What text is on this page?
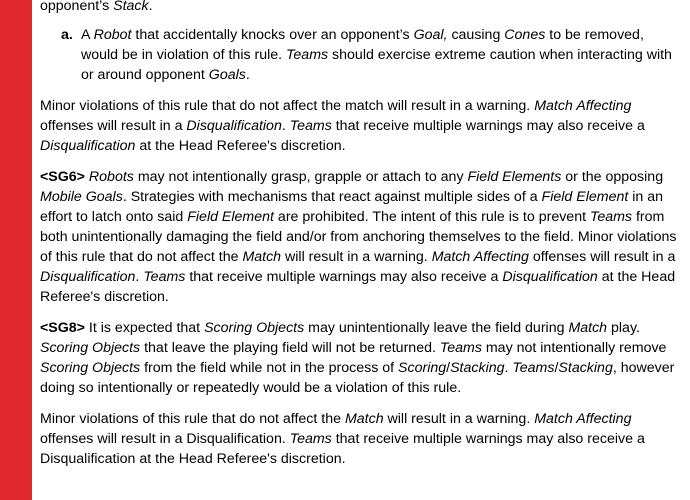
opponent’s Stack.

a. A Robot that accidentally knocks over an opponent’s Goal, causing Cones to be removed, would be in violation of this rule. Teams should exercise extreme caution when interacting with or around opponent Goals.

Minor violations of this rule that do not affect the match will result in a warning. Match Affecting offenses will result in a Disqualification. Teams that receive multiple warnings may also receive a Disqualification at the Head Referee's discretion.

<SG6> Robots may not intentionally grasp, grapple or attach to any Field Elements or the opposing Mobile Goals. Strategies with mechanisms that react against multiple sides of a Field Element in an effort to latch onto said Field Element are prohibited. The intent of this rule is to prevent Teams from both unintentionally damaging the field and/or from anchoring themselves to the field. Minor violations of this rule that do not affect the Match will result in a warning. Match Affecting offenses will result in a Disqualification. Teams that receive multiple warnings may also receive a Disqualification at the Head Referee's discretion.

<SG8> It is expected that Scoring Objects may unintentionally leave the field during Match play. Scoring Objects that leave the playing field will not be returned. Teams may not intentionally remove Scoring Objects from the field while not in the process of Scoring/Stacking. Teams/Stacking, however doing so intentionally or repeatedly would be a violation of this rule.

Minor violations of this rule that do not affect the Match will result in a warning. Match Affecting offenses will result in a Disqualification. Teams that receive multiple warnings may also receive a Disqualification at the Head Referee's discretion.
